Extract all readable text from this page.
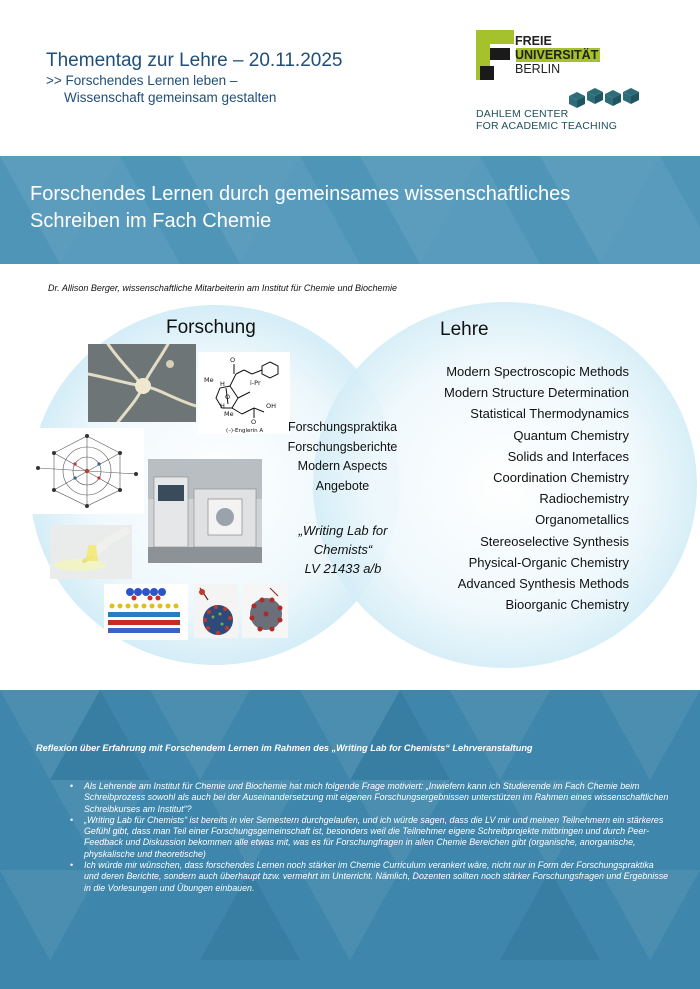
Thementag zur Lehre – 20.11.2025
>> Forschendes Lernen leben –
Wissenschaft gemeinsam gestalten
FREIE
UNIVERSITÄT
BERLIN
DAHLEM CENTER
FOR ACADEMIC TEACHING
Forschendes Lernen durch gemeinsames wissenschaftliches
Schreiben im Fach Chemie
Dr. Allison Berger, wissenschaftliche Mitarbeiterin am Institut für Chemie und Biochemie
Forschung	Lehre
O
i-Pr
Me H
O
OH
H
Me
O
(–)-Englerin A	Forschungspraktika
Forschungsberichte
Modern Aspects
Angebote
„Writing Lab for
Chemists“
LV 21433 a/b
Modern Spectroscopic Methods
Modern Structure Determination
Statistical Thermodynamics
Quantum Chemistry
Solids and Interfaces
Coordination Chemistry
Radiochemistry
Organometallics
Stereoselective Synthesis
Physical-Organic Chemistry
Advanced Synthesis Methods
Bioorganic Chemistry
Reflexion über Erfahrung mit Forschendem Lernen im Rahmen des „Writing Lab for Chemists“ Lehrveranstaltung
• Als Lehrende am Institut für Chemie und Biochemie hat mich folgende Frage motiviert: „Inwiefern kann ich Studierende im Fach Chemie beim Schreibprozess sowohl als auch bei der Auseinandersetzung mit eigenen Forschungsergebnissen unterstützen im Rahmen eines wissenschaftlichen Schreibkurses am Institut“?
• „Writing Lab für Chemists“ ist bereits in vier Semestern durchgelaufen, und ich würde sagen, dass die LV mir und meinen Teilnehmern ein stärkeres Gefühl gibt, dass man Teil einer Forschungsgemeinschaft ist, besonders weil die Teilnehmer eigene Schreibprojekte mitbringen und durch Peer-Feedback und Diskussion bekommen alle etwas mit, was es für Forschungfragen in allen Chemie Bereichen gibt (organische, anorganische, physkalische und theoretische)
• Ich würde mir wünschen, dass forschendes Lernen noch stärker im Chemie Curriculum verankert wäre, nicht nur in Form der Forschungspraktika und deren Berichte, sondern auch überhaupt bzw. vermehrt im Unterricht. Nämlich, Dozenten sollten noch stärker Forschungsfragen und Ergebnisse in die Vorlesungen und Übungen einbauen.
